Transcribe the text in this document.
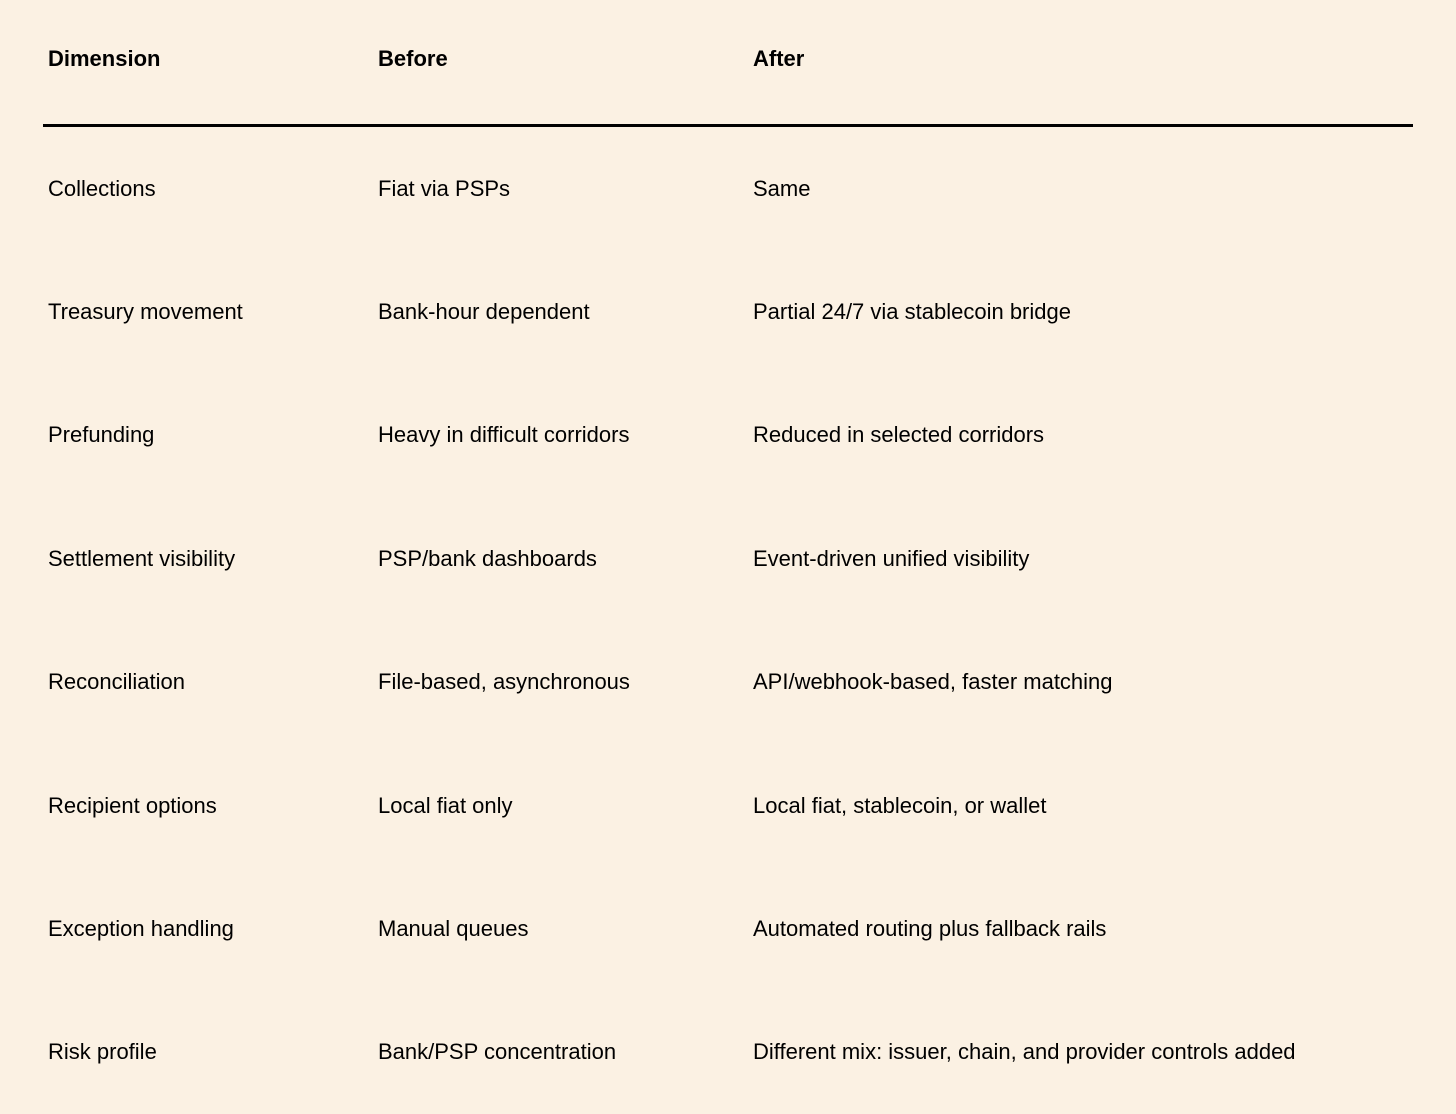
Dimension	Before	After
Collections	Fiat via PSPs	Same
Treasury movement	Bank-hour dependent	Partial 24/7 via stablecoin bridge
Prefunding	Heavy in difficult corridors	Reduced in selected corridors
Settlement visibility	PSP/bank dashboards	Event-driven unified visibility
Reconciliation	File-based, asynchronous	API/webhook-based, faster matching
Recipient options	Local fiat only	Local fiat, stablecoin, or wallet
Exception handling	Manual queues	Automated routing plus fallback rails
Risk profile	Bank/PSP concentration	Different mix: issuer, chain, and provider controls added
